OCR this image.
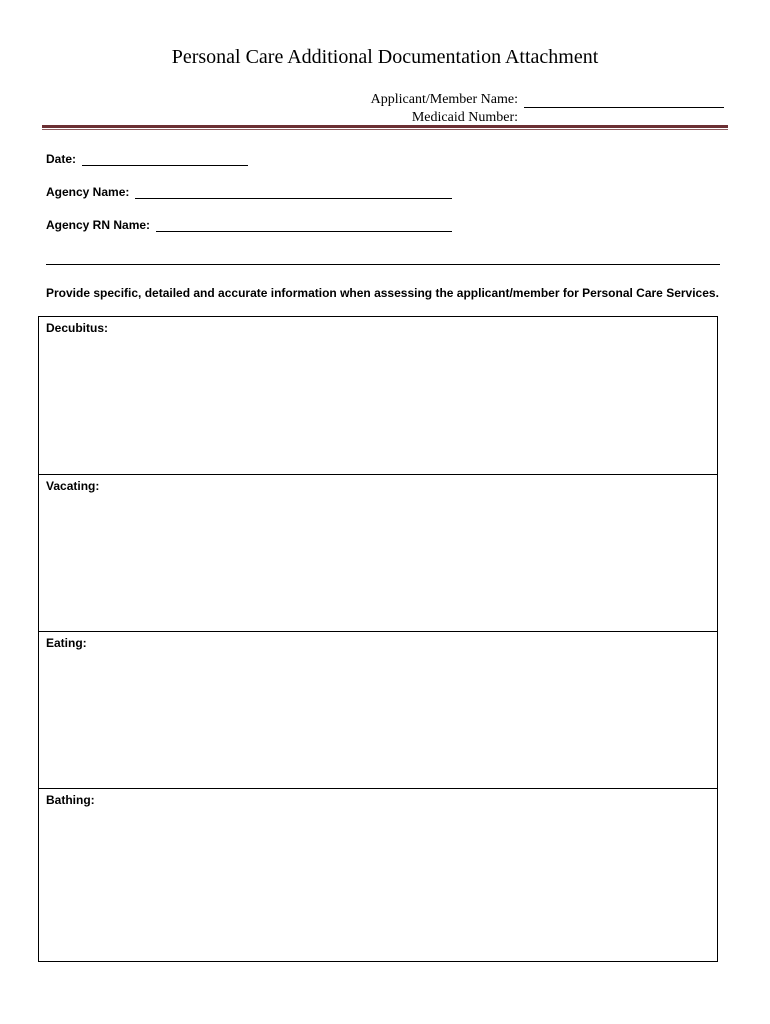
Personal Care Additional Documentation Attachment
Applicant/Member Name:
Medicaid Number:
Date:
Agency Name:
Agency RN Name:
Provide specific, detailed and accurate information when assessing the applicant/member for Personal Care Services.
Decubitus:
Vacating:
Eating:
Bathing:
